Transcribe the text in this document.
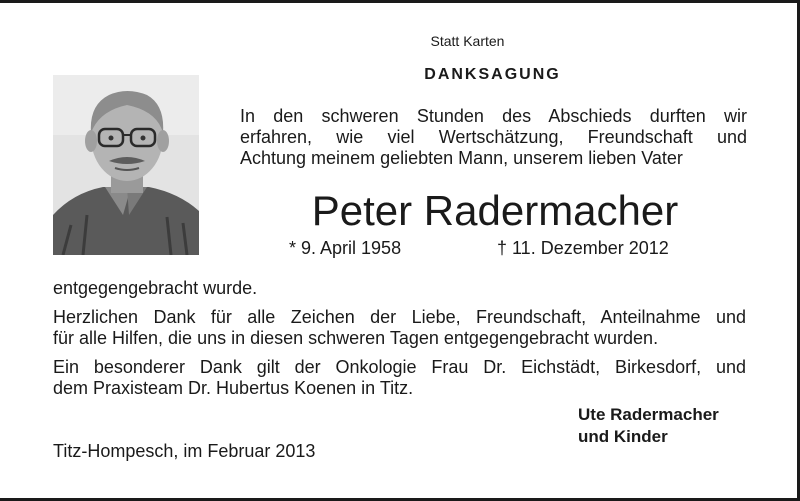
Statt Karten
DANKSAGUNG
In den schweren Stunden des Abschieds durften wir
erfahren, wie viel Wertschätzung, Freundschaft und
Achtung meinem geliebten Mann, unserem lieben Vater
Peter Radermacher
* 9. April 1958	† 11. Dezember 2012
entgegengebracht wurde.
Herzlichen Dank für alle Zeichen der Liebe, Freundschaft, Anteilnahme und
für alle Hilfen, die uns in diesen schweren Tagen entgegengebracht wurden.
Ein besonderer Dank gilt der Onkologie Frau Dr. Eichstädt, Birkesdorf, und
dem Praxisteam Dr. Hubertus Koenen in Titz.
Ute Radermacher
und Kinder
Titz-Hompesch, im Februar 2013
